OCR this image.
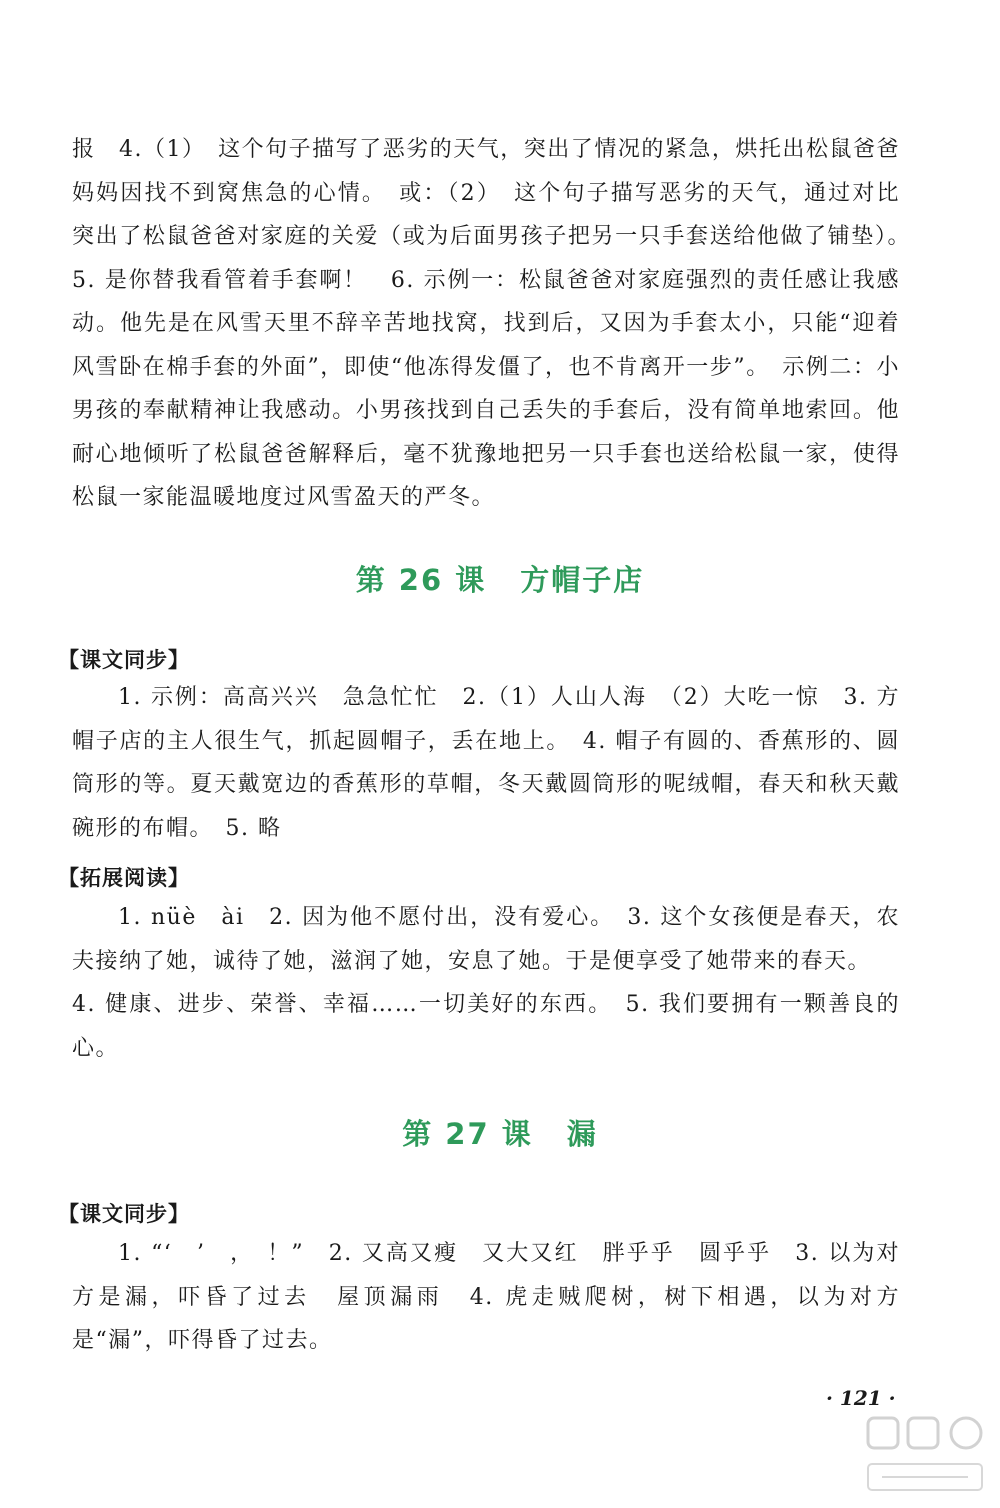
报　4.（1）　这个句子描写了恶劣的天气，突出了情况的紧急，烘托出松鼠爸爸妈妈因找不到窝焦急的心情。　或：（2）　这个句子描写恶劣的天气，通过对比突出了松鼠爸爸对家庭的关爱（或为后面男孩子把另一只手套送给他做了铺垫）。　5. 是你替我看管着手套啊！　6. 示例一：松鼠爸爸对家庭强烈的责任感让我感动。他先是在风雪天里不辞辛苦地找窝，找到后，又因为手套太小，只能“迎着风雪卧在棉手套的外面”，即使“他冻得发僵了，也不肯离开一步”。　示例二：小男孩的奉献精神让我感动。小男孩找到自己丢失的手套后，没有简单地索回。他耐心地倾听了松鼠爸爸解释后，毫不犹豫地把另一只手套也送给松鼠一家，使得松鼠一家能温暖地度过风雪盈天的严冬。

第 26 课 方帽子店

【课文同步】

1. 示例：高高兴兴　急急忙忙　2.（1）人山人海　（2）大吃一惊　3. 方帽子店的主人很生气，抓起圆帽子，丢在地上。　4. 帽子有圆的、香蕉形的、圆筒形的等。夏天戴宽边的香蕉形的草帽，冬天戴圆筒形的呢绒帽，春天和秋天戴碗形的布帽。　5. 略

【拓展阅读】

1. nüè　ài　2. 因为他不愿付出，没有爱心。　3. 这个女孩便是春天，农夫接纳了她，诚待了她，滋润了她，安息了她。于是便享受了她带来的春天。

4. 健康、进步、荣誉、幸福……一切美好的东西。　5. 我们要拥有一颗善良的心。

第 27 课 漏

【课文同步】

1. “‘　’　，　！”　2. 又高又瘦　又大又红　胖乎乎　圆乎乎　3. 以为对方是漏，吓昏了过去　屋顶漏雨　4. 虎走贼爬树，树下相遇，以为对方是“漏”，吓得昏了过去。

· 121 ·
